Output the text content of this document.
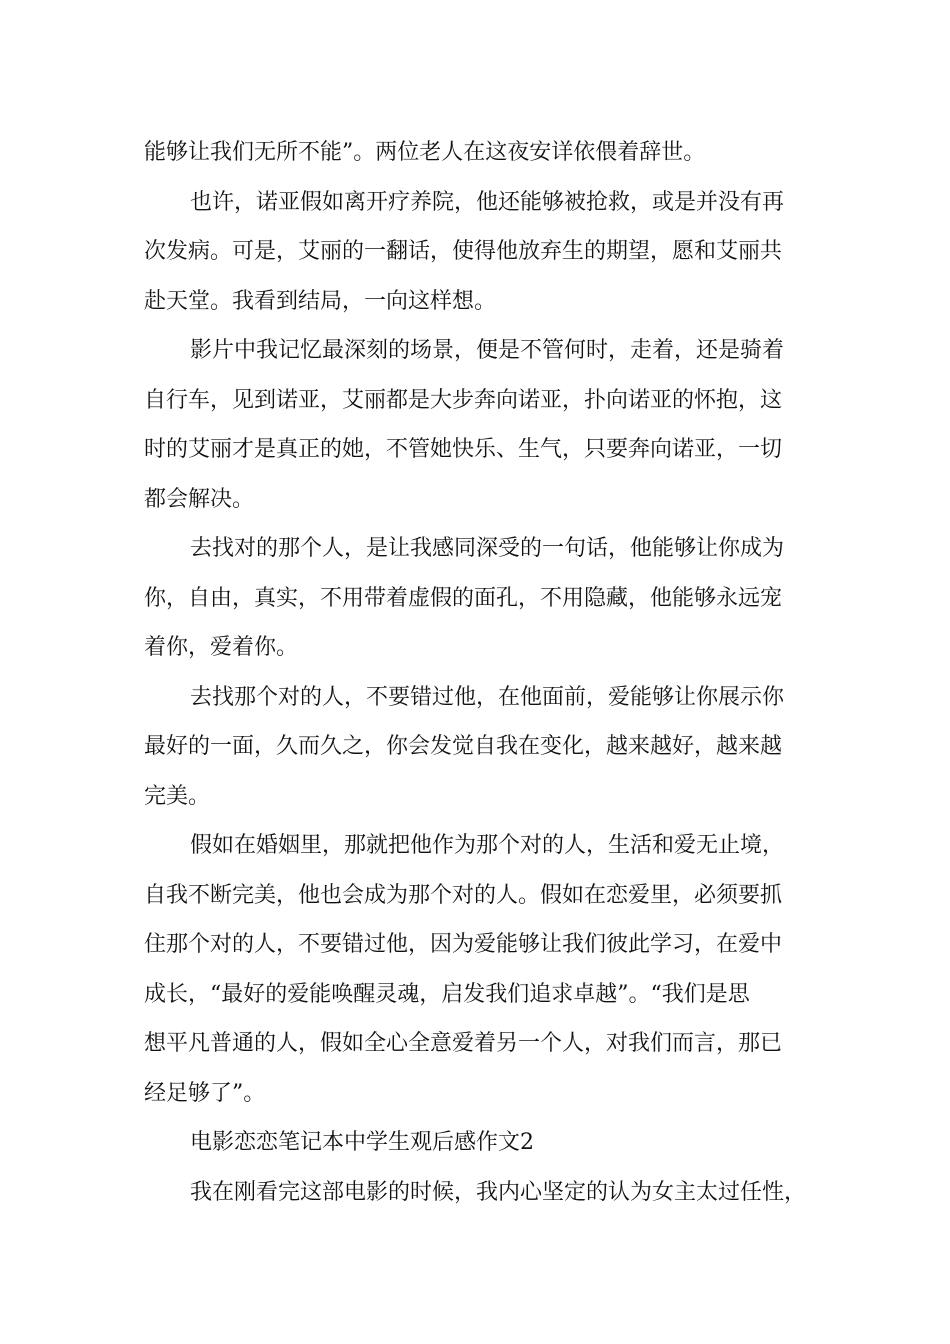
能够让我们无所不能”。两位老人在这夜安详依偎着辞世。

也许，诺亚假如离开疗养院，他还能够被抢救，或是并没有再
次发病。可是，艾丽的一翻话，使得他放弃生的期望，愿和艾丽共
赴天堂。我看到结局，一向这样想。

影片中我记忆最深刻的场景，便是不管何时，走着，还是骑着
自行车，见到诺亚，艾丽都是大步奔向诺亚，扑向诺亚的怀抱，这
时的艾丽才是真正的她，不管她快乐、生气，只要奔向诺亚，一切
都会解决。

去找对的那个人，是让我感同深受的一句话，他能够让你成为
你，自由，真实，不用带着虚假的面孔，不用隐藏，他能够永远宠
着你，爱着你。

去找那个对的人，不要错过他，在他面前，爱能够让你展示你
最好的一面，久而久之，你会发觉自我在变化，越来越好，越来越
完美。

假如在婚姻里，那就把他作为那个对的人，生活和爱无止境，
自我不断完美，他也会成为那个对的人。假如在恋爱里，必须要抓
住那个对的人，不要错过他，因为爱能够让我们彼此学习，在爱中
成长，“最好的爱能唤醒灵魂，启发我们追求卓越”。“我们是思
想平凡普通的人，假如全心全意爱着另一个人，对我们而言，那已
经足够了”。

电影恋恋笔记本中学生观后感作文2

我在刚看完这部电影的时候，我内心坚定的认为女主太过任性，
